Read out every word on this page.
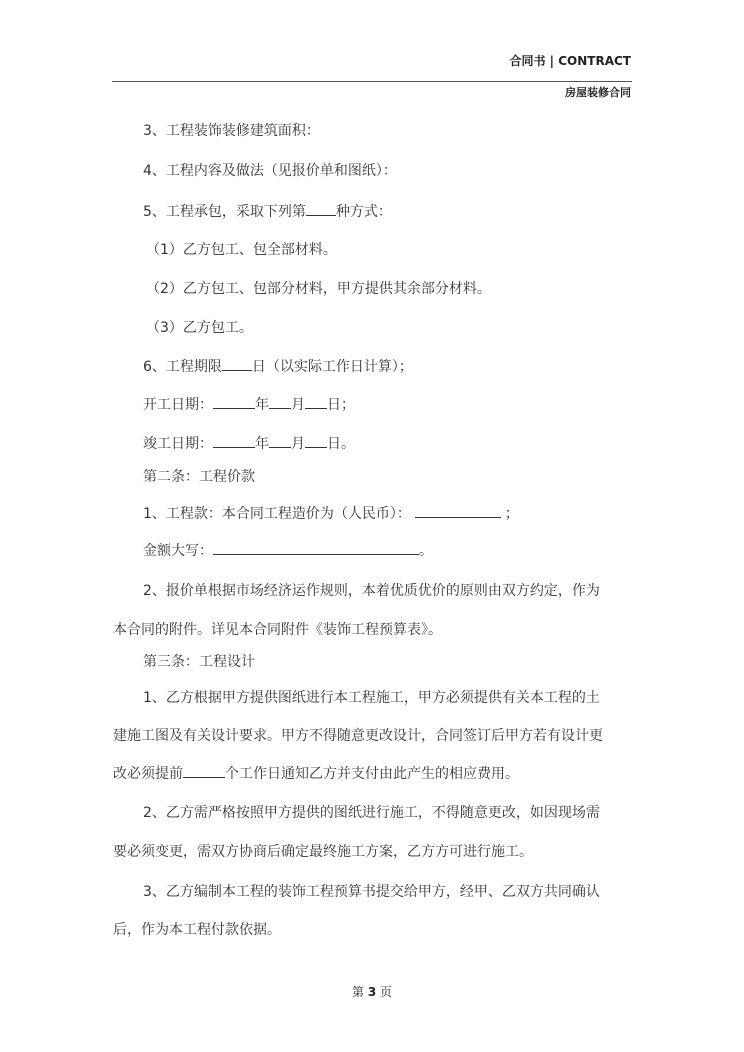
合同书 | CONTRACT
房屋装修合同
3、工程装饰装修建筑面积：
4、工程内容及做法（见报价单和图纸）：
5、工程承包，采取下列第 种方式：
（1）乙方包工、包全部材料。
（2）乙方包工、包部分材料，甲方提供其余部分材料。
（3）乙方包工。
6、工程期限 日（以实际工作日计算）；
开工日期：	年 月 日；
竣工日期：	年 月 日。
第二条：工程价款
1、工程款：本合同工程造价为（人民币）：	；
金额大写：	。
2、报价单根据市场经济运作规则，本着优质优价的原则由双方约定，作为
本合同的附件。详见本合同附件《装饰工程预算表》。
第三条：工程设计
1、乙方根据甲方提供图纸进行本工程施工，甲方必须提供有关本工程的土
建施工图及有关设计要求。甲方不得随意更改设计，合同签订后甲方若有设计更
改必须提前	个工作日通知乙方并支付由此产生的相应费用。
2、乙方需严格按照甲方提供的图纸进行施工，不得随意更改，如因现场需
要必须变更，需双方协商后确定最终施工方案，乙方方可进行施工。
3、乙方编制本工程的装饰工程预算书提交给甲方，经甲、乙双方共同确认
后，作为本工程付款依据。
第 3 页
